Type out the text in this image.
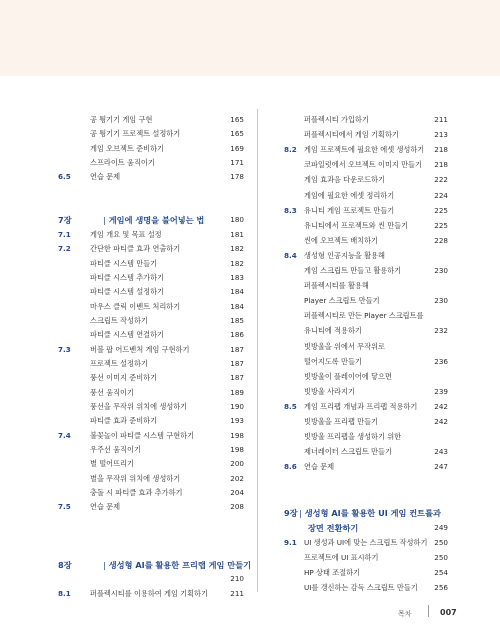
공 튕기기 게임 구현	165
공 튕기기 프로젝트 설정하기	165
게임 오브젝트 준비하기	169
스프라이트 움직이기	171
6.5	연습 문제	178
7장	| 게임에 생명을 불어넣는 법	180
7.1	게임 개요 및 목표 설정	181
7.2	간단한 파티클 효과 연출하기	182
파티클 시스템 만들기	182
파티클 시스템 추가하기	183
파티클 시스템 설정하기	184
마우스 클릭 이벤트 처리하기	184
스크립트 작성하기	185
파티클 시스템 연결하기	186
7.3	버블 팝 어드벤처 게임 구현하기	187
프로젝트 설정하기	187
풍선 이미지 준비하기	187
풍선 움직이기	189
풍선을 무작위 위치에 생성하기	190
파티클 효과 준비하기	193
7.4	불꽃놀이 파티클 시스템 구현하기	198
우주선 움직이기	198
별 떨어뜨리기	200
별을 무작위 위치에 생성하기	202
충돌 시 파티클 효과 추가하기	204
7.5	연습 문제	208
8장	| 생성형 AI를 활용한 프리랩 게임 만들기
210
8.1	퍼플렉시티를 이용하여 게임 기획하기	211
퍼플렉시티 가입하기	211
퍼플렉시티에서 게임 기획하기	213
8.2 게임 프로젝트에 필요한 에셋 생성하기 218
코파일럿에서 오브젝트 이미지 만들기 218
게임 효과음 다운로드하기	222
게임에 필요한 에셋 정리하기	224
8.3 유니티 게임 프로젝트 만들기	225
유니티에서 프로젝트와 씬 만들기	225
씬에 오브젝트 배치하기	228
8.4 생성형 인공지능을 활용해
게임 스크립트 만들고 활용하기	230
퍼플렉시티를 활용해
Player 스크립트 만들기	230
퍼플렉시티로 만든 Player 스크립트를
유니티에 적용하기	232
빗방울을 위에서 무작위로
떨어지도록 만들기	236
빗방울이 플레이어에 닿으면
빗방울 사라지기	239
8.5 게임 프리팹 개념과 프리팹 적용하기 242
빗방울을 프리팹 만들기	242
빗방울 프리팹을 생성하기 위한
제너레이터 스크립트 만들기	243
8.6 연습 문제	247
9장 | 생성형 AI를 활용한 UI 게임 컨트롤과
장면 전환하기	249
9.1 UI 생성과 UI에 맞는 스크립트 작성하기 250
프로젝트에 UI 표시하기	250
HP 상태 조절하기	254
UI를 갱신하는 감독 스크립트 만들기 256
목차	007
